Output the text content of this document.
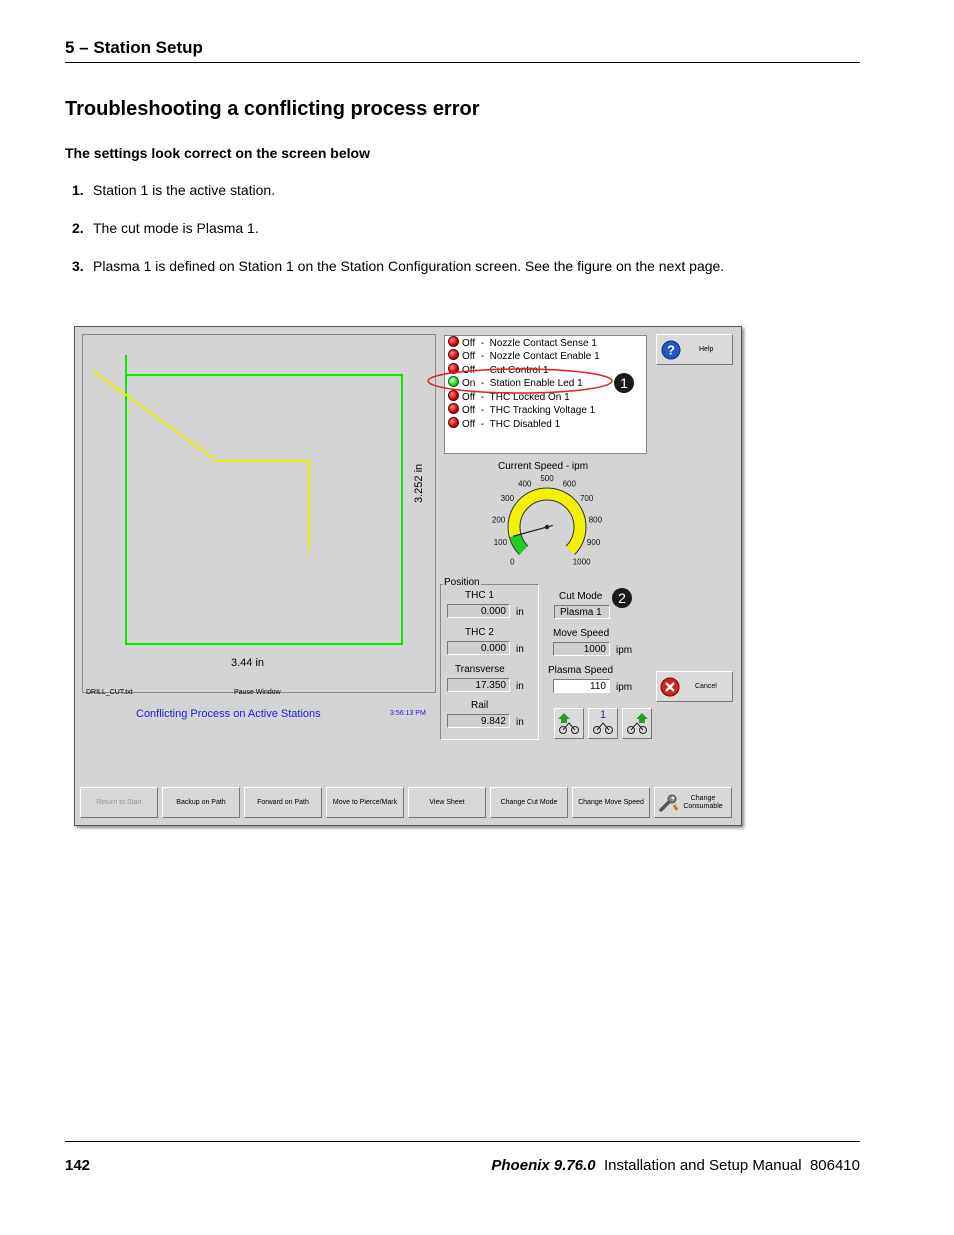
5 – Station Setup
Troubleshooting a conflicting process error
The settings look correct on the screen below
1. Station 1 is the active station.
2. The cut mode is Plasma 1.
3. Plasma 1 is defined on Station 1 on the Station Configuration screen. See the figure on the next page.
3.252 in
3.44 in
DRILL_CUT.txt	Pause Window
Conflicting Process on Active Stations	3:56:13 PM
Off  -  Nozzle Contact Sense 1
Off  -  Nozzle Contact Enable 1
Off  -  Cut Control 1
On  -  Station Enable Led 1
Off  -  THC Locked On 1
Off  -  THC Tracking Voltage 1
Off  -  THC Disabled 1
1
?	Help
Current Speed - ipm
0
100
200
300
400
500
600
700
800
900
1000
Position
THC 1
0.000	in
THC 2
0.000	in
Transverse
17.350	in
Rail
9.842	in
Cut Mode
Plasma 1
2
Move Speed
1000	ipm
Plasma Speed
110	ipm	Cancel
1
Return to Start	Backup on Path	Forward on Path	Move to Pierce/Mark	View Sheet	Change Cut Mode	Change Move Speed
Change Consumable
142	Phoenix 9.76.0 Installation and Setup Manual 806410
